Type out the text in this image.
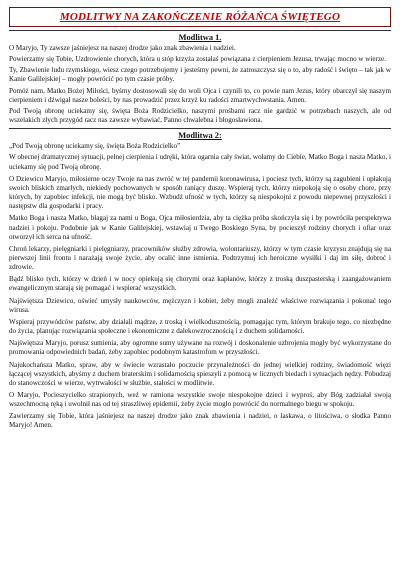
MODLITWY NA ZAKOŃCZENIE RÓŻAŃCA ŚWIĘTEGO
Modlitwa 1.

O Maryjo, Ty zawsze jaśniejesz na naszej drodze jako znak zbawienia i nadziei.

Powierzamy się Tobie, Uzdrowienie chorych, która u stóp krzyża zostałaś powiązana z cierpieniem Jezusa, trwając mocno w wierze.

Ty, Zbawienie ludu rzymskiego, wiesz czego potrzebujemy i jesteśmy pewni, że zatroszczysz się o to, aby radość i święto – tak jak w Kanie Galilejskiej – mogły powrócić po tym czasie próby.

Pomóż nam, Matko Bożej Miłości, byśmy dostosowali się do woli Ojca i czynili to, co powie nam Jezus, który obarczył się naszym cierpieniem i dźwigał nasze boleści, by nas prowadzić przez krzyż ku radości zmartwychwstania. Amen.

Pod Twoją obronę uciekamy się, święta Boża Rodzicielko, naszymi prośbami racz nie gardzić w potrzebach naszych, ale od wszelakich złych przygód racz nas zawsze wybawiać, Panno chwalebna i błogosławiona.

Modlitwa 2:

„Pod Twoją obronę uciekamy się, święta Boża Rodzicielko”

W obecnej dramatycznej sytuacji, pełnej cierpienia i udręki, która ogarnia cały świat, wołamy do Ciebie, Matko Boga i nasza Matko, i uciekamy się pod Twoją obronę.

O Dziewico Maryjo, miłosierne oczy Twoje na nas zwróć w tej pandemii koronawirusa, i pociesz tych, którzy są zagubieni i opłakują swoich bliskich zmarłych, niekiedy pochowanych w sposób raniący duszę. Wspieraj tych, którzy niepokoją się o osoby chore, przy których, by zapobiec infekcji, nie mogą być blisko. Wzbudź ufność w tych, którzy są niespokojni z powodu niepewnej przyszłości i następstw dla gospodarki i pracy.

Matko Boga i nasza Matko, błagaj za nami u Boga, Ojca miłosierdzia, aby ta ciężka próba skończyła się i by powróciła perspektywa nadziei i pokoju. Podobnie jak w Kanie Galilejskiej, wstawiaj u Twego Boskiego Syna, by pocieszył rodziny chorych i ofiar oraz otworzył ich serca na ufność.

Chroń lekarzy, pielęgniarki i pielęgniarzy, pracowników służby zdrowia, wolontariuszy, którzy w tym czasie kryzysu znajdują się na pierwszej linii frontu i narażają swoje życie, aby ocalić inne istnienia. Podtrzymuj ich heroiczne wysiłki i daj im siłę, dobroć i zdrowie.

Bądź blisko tych, którzy w dzień i w nocy opiekują się chorymi oraz kapłanów, którzy z troską duszpasterską i zaangażowaniem ewangelicznym starają się pomagać i wspierać wszystkich.

Najświętsza Dziewico, oświeć umysły naukowców, mężczyzn i kobiet, żeby mogli znaleźć właściwe rozwiązania i pokonać tego wirusa.

Wspieraj przywódców państw, aby działali mądrze, z troską i wielkodusznością, pomagając tym, którym brakuje tego, co niezbędne do życia, planując rozwiązania społeczne i ekonomiczne z dalekowzrocznością i z duchem solidarności.

Najświętsza Maryjo, porusz sumienia, aby ogromne sumy używane na rozwój i doskonalenie uzbrojenia mogły być wykorzystane do promowania odpowiednich badań, żeby zapobiec podobnym katastrofom w przyszłości.

Najukochańsza Matko, spraw, aby w świecie wzrastało poczucie przynależności do jednej wielkiej rodziny, świadomość więzi łączącej wszystkich, abyśmy z duchem braterskim i solidarnością spieszyli z pomocą w licznych biedach i sytuacjach nędzy. Pobudzaj do stanowczości w wierze, wytrwałości w służbie, stałości w modlitwie.

O Maryjo, Pocieszycielko strapionych, weź w ramiona wszystkie swoje niespokojne dzieci i wyproś, aby Bóg zadziałał swoją wszechmocną ręką i uwolnił nas od tej straszliwej epidemii, żeby życie mogło powrócić do normalnego biegu w spokoju.

Zawierzamy się Tobie, która jaśniejesz na naszej drodze jako znak zbawienia i nadziei, o łaskawa, o litościwa, o słodka Panno Maryjo! Amen.
